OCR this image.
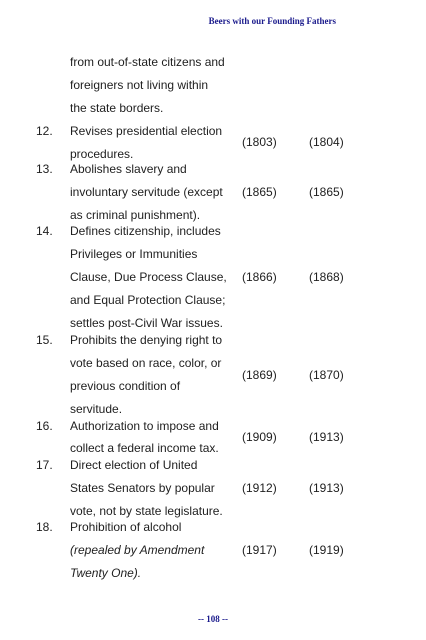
Beers with our Founding Fathers
from out-of-state citizens and
foreigners not living within
the state borders.
12. Revises presidential election
procedures.
(1803)	(1804)
13. Abolishes slavery and
involuntary servitude (except
as criminal punishment).
(1865)	(1865)
14. Defines citizenship, includes
Privileges or Immunities
Clause, Due Process Clause,
and Equal Protection Clause;
settles post-Civil War issues.
(1866)	(1868)
15. Prohibits the denying right to
vote based on race, color, or
previous condition of
servitude.
(1869)	(1870)
16. Authorization to impose and
collect a federal income tax.
(1909)	(1913)
17. Direct election of United
States Senators by popular
vote, not by state legislature.
(1912)	(1913)
18. Prohibition of alcohol
(repealed by Amendment
Twenty One).
(1917)	(1919)
-- 108 --
